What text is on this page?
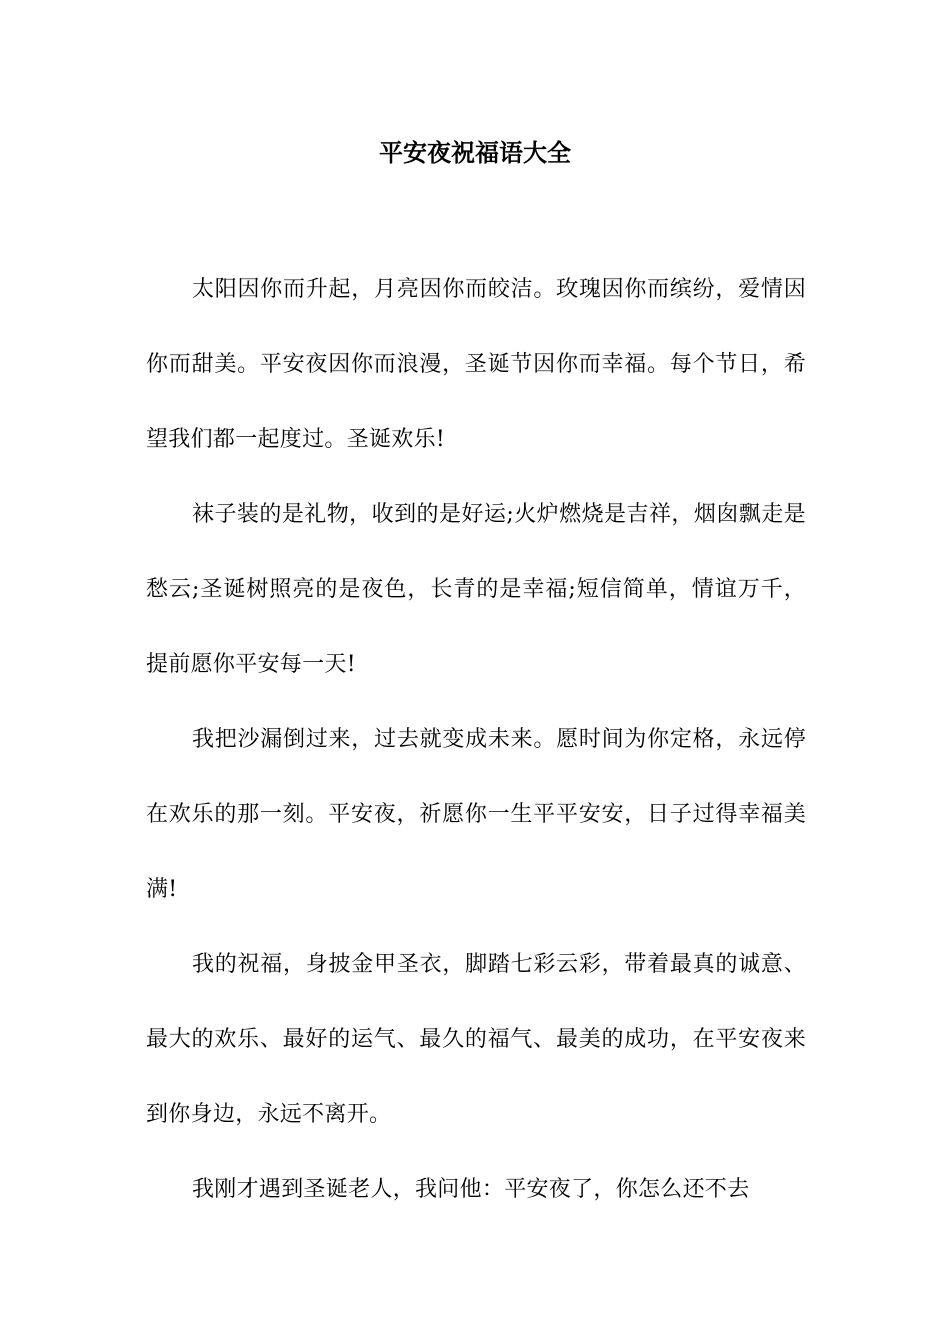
平安夜祝福语大全

太阳因你而升起，月亮因你而皎洁。玫瑰因你而缤纷，爱情因你而甜美。平安夜因你而浪漫，圣诞节因你而幸福。每个节日，希望我们都一起度过。圣诞欢乐!

袜子装的是礼物，收到的是好运;火炉燃烧是吉祥，烟囱飘走是愁云;圣诞树照亮的是夜色，长青的是幸福;短信简单，情谊万千，提前愿你平安每一天!

我把沙漏倒过来，过去就变成未来。愿时间为你定格，永远停在欢乐的那一刻。平安夜，祈愿你一生平平安安，日子过得幸福美满!

我的祝福，身披金甲圣衣，脚踏七彩云彩，带着最真的诚意、最大的欢乐、最好的运气、最久的福气、最美的成功，在平安夜来到你身边，永远不离开。

我刚才遇到圣诞老人，我问他：平安夜了，你怎么还不去
